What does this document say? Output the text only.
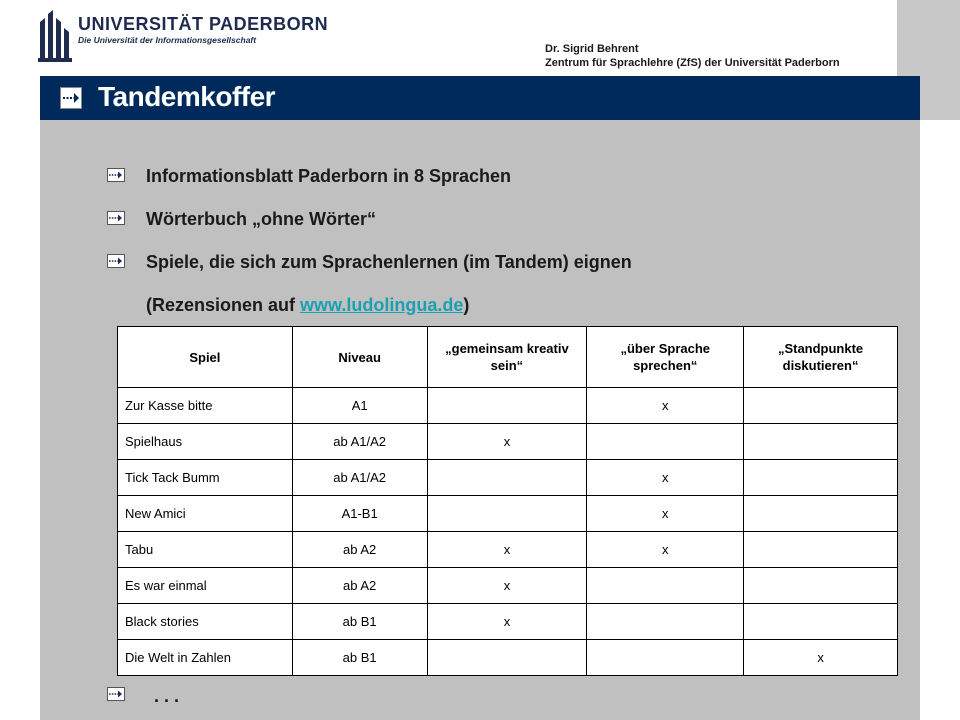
UNIVERSITÄT PADERBORN
Die Universität der Informationsgesellschaft
Dr. Sigrid Behrent
Zentrum für Sprachlehre (ZfS) der Universität Paderborn
Tandemkoffer
Informationsblatt Paderborn in 8 Sprachen
Wörterbuch „ohne Wörter“
Spiele, die sich zum Sprachenlernen (im Tandem) eignen
(Rezensionen auf www.ludolingua.de)
Spiel	Niveau	„gemeinsam kreativ sein“	„über Sprache sprechen“	„Standpunkte diskutieren“
Zur Kasse bitte	A1		x	
Spielhaus	ab A1/A2	x		
Tick Tack Bumm	ab A1/A2		x	
New Amici	A1-B1		x	
Tabu	ab A2	x	x	
Es war einmal	ab A2	x		
Black stories	ab B1	x		
Die Welt in Zahlen	ab B1			x
. . .
